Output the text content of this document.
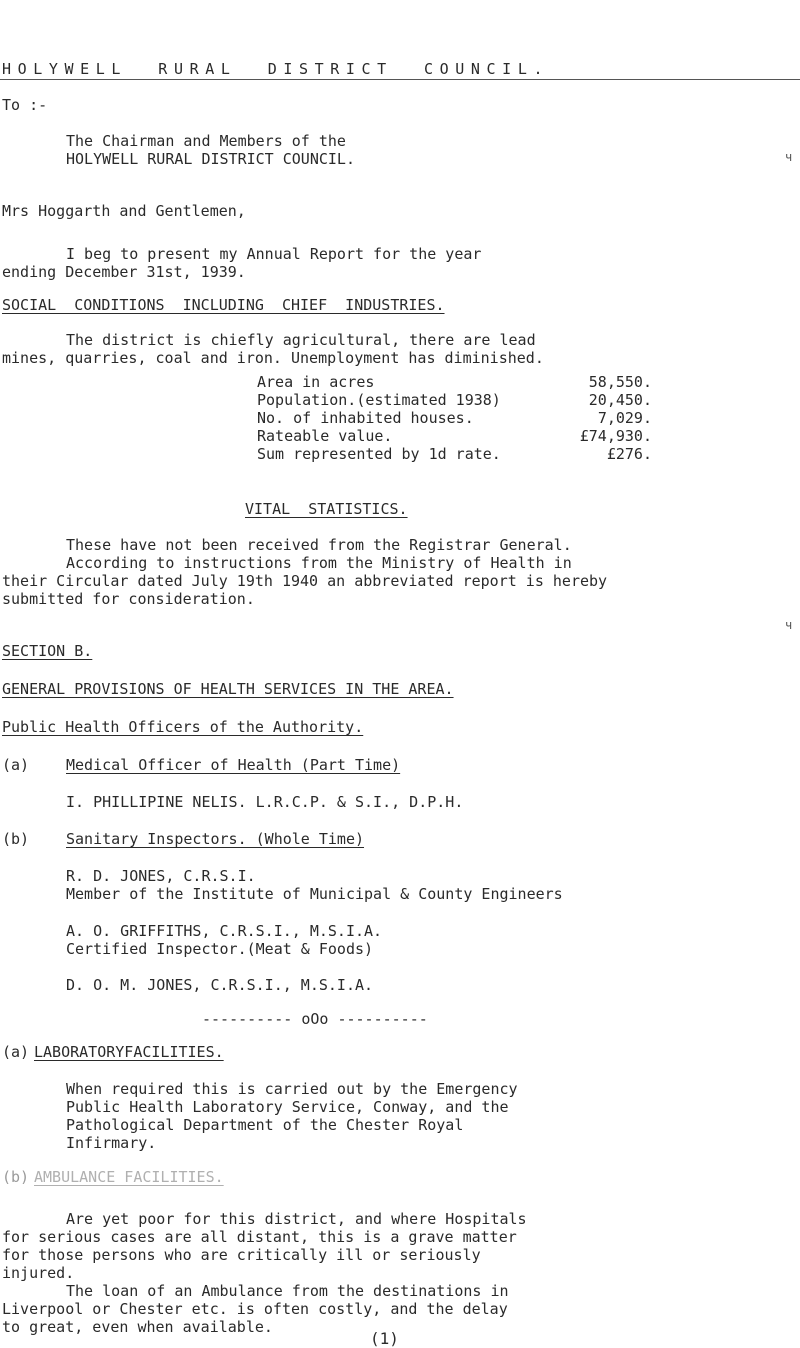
HOLYWELL  RURAL  DISTRICT  COUNCIL.
To :-
The Chairman and Members of the
HOLYWELL RURAL DISTRICT COUNCIL.	ч
Mrs Hoggarth and Gentlemen,
I beg to present my Annual Report for the year
ending December 31st, 1939.
SOCIAL  CONDITIONS  INCLUDING  CHIEF  INDUSTRIES.
The district is chiefly agricultural, there are lead
mines, quarries, coal and iron. Unemployment has diminished.
Area in acres	58,550.
Population.(estimated 1938)	20,450.
No. of inhabited houses.	7,029.
Rateable value.	£74,930.
Sum represented by 1d rate.	£276.
VITAL  STATISTICS.
These have not been received from the Registrar General.
According to instructions from the Ministry of Health in
their Circular dated July 19th 1940 an abbreviated report is hereby
submitted for consideration.
ч
SECTION B.
GENERAL PROVISIONS OF HEALTH SERVICES IN THE AREA.
Public Health Officers of the Authority.
(a) Medical Officer of Health (Part Time)
I. PHILLIPINE NELIS. L.R.C.P. & S.I., D.P.H.
(b) Sanitary Inspectors. (Whole Time)
R. D. JONES, C.R.S.I.
Member of the Institute of Municipal & County Engineers
A. O. GRIFFITHS, C.R.S.I., M.S.I.A.
Certified Inspector.(Meat & Foods)
D. O. M. JONES, C.R.S.I., M.S.I.A.
---------- oOo ----------
(a) LABORATORYFACILITIES.
When required this is carried out by the Emergency
Public Health Laboratory Service, Conway, and the
Pathological Department of the Chester Royal
Infirmary.
(b) AMBULANCE FACILITIES.
Are yet poor for this district, and where Hospitals
for serious cases are all distant, this is a grave matter
for those persons who are critically ill or seriously
injured.
The loan of an Ambulance from the destinations in
Liverpool or Chester etc. is often costly, and the delay
to great, even when available.
(1)
